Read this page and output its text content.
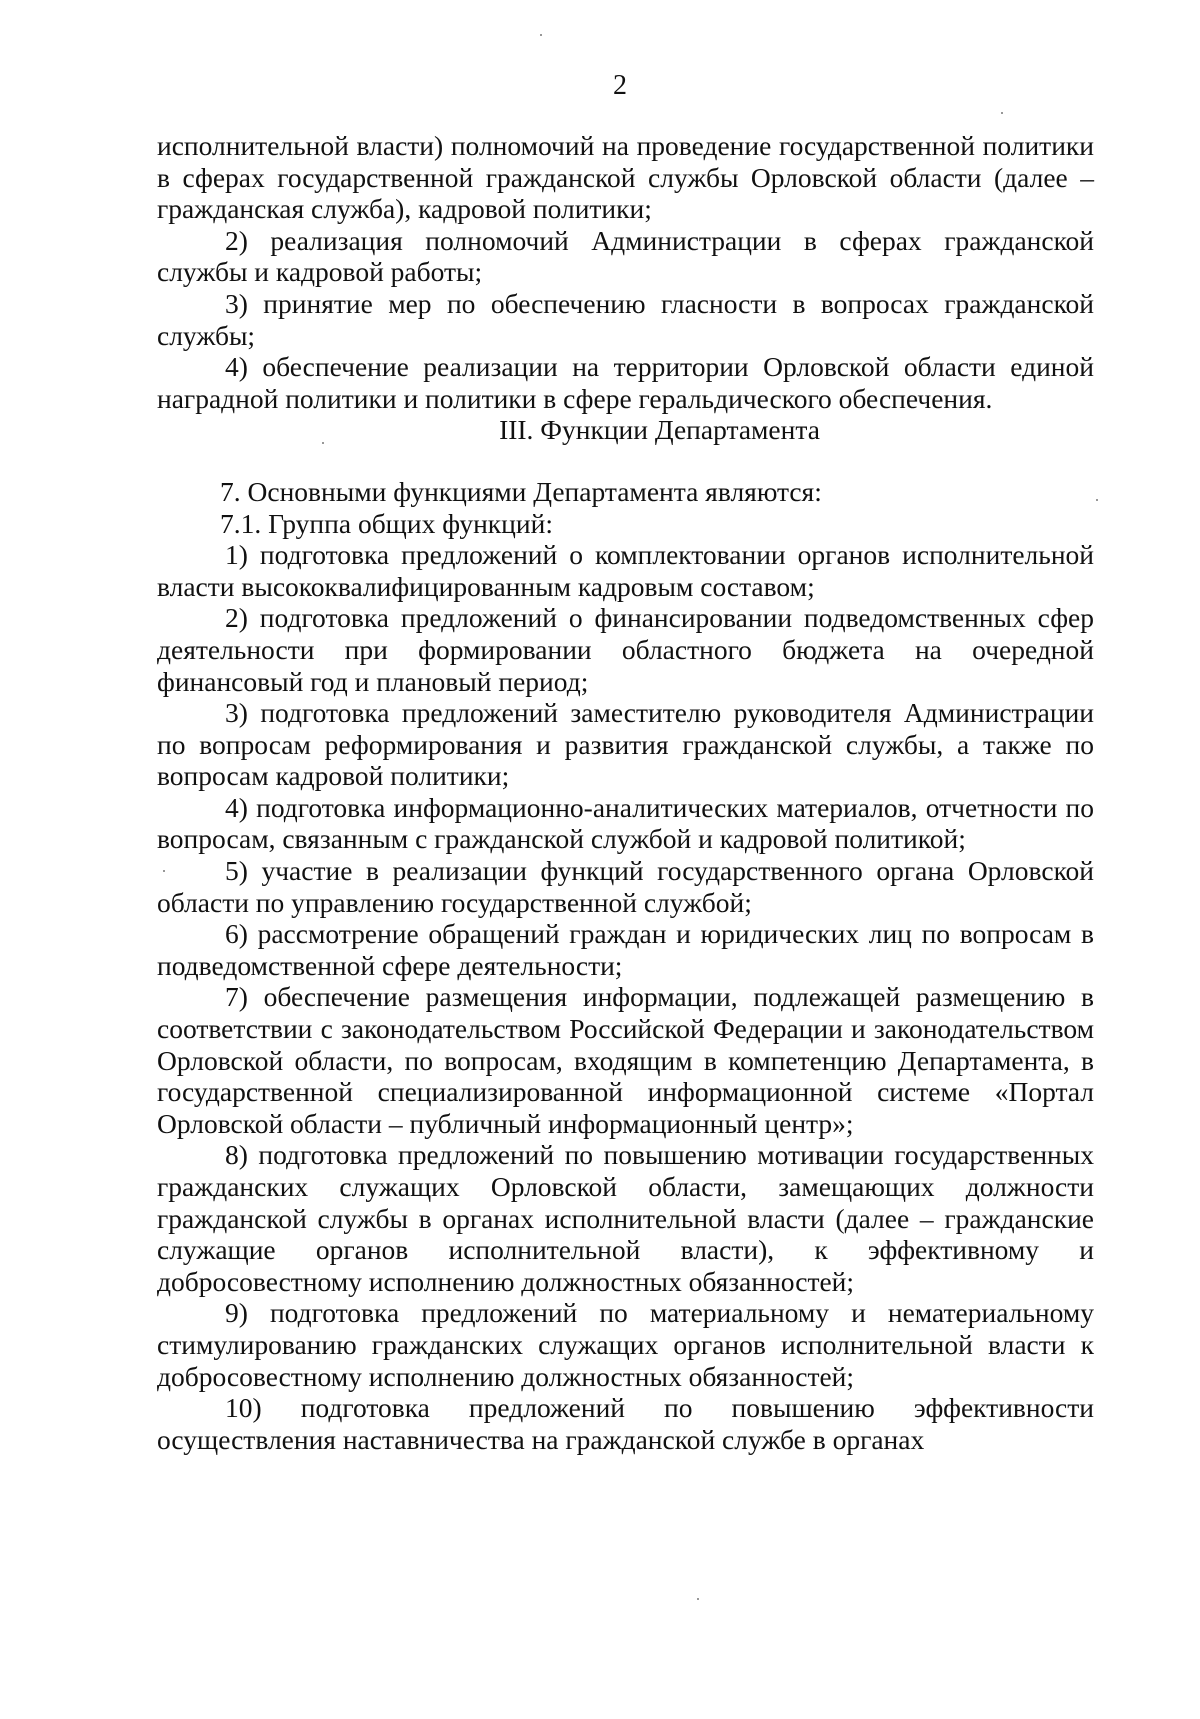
2

исполнительной власти) полномочий на проведение государственной политики в сферах государственной гражданской службы Орловской области (далее – гражданская служба), кадровой политики;

2) реализация полномочий Администрации в сферах гражданской службы и кадровой работы;

3) принятие мер по обеспечению гласности в вопросах гражданской службы;

4) обеспечение реализации на территории Орловской области единой наградной политики и политики в сфере геральдического обеспечения.

III. Функции Департамента

7. Основными функциями Департамента являются:

7.1. Группа общих функций:

1) подготовка предложений о комплектовании органов исполнительной власти высококвалифицированным кадровым составом;

2) подготовка предложений о финансировании подведомственных сфер деятельности при формировании областного бюджета на очередной финансовый год и плановый период;

3) подготовка предложений заместителю руководителя Администрации по вопросам реформирования и развития гражданской службы, а также по вопросам кадровой политики;

4) подготовка информационно-аналитических материалов, отчетности по вопросам, связанным с гражданской службой и кадровой политикой;

5) участие в реализации функций государственного органа Орловской области по управлению государственной службой;

6) рассмотрение обращений граждан и юридических лиц по вопросам в подведомственной сфере деятельности;

7) обеспечение размещения информации, подлежащей размещению в соответствии с законодательством Российской Федерации и законодательством Орловской области, по вопросам, входящим в компетенцию Департамента, в государственной специализированной информационной системе «Портал Орловской области – публичный информационный центр»;

8) подготовка предложений по повышению мотивации государственных гражданских служащих Орловской области, замещающих должности гражданской службы в органах исполнительной власти (далее – гражданские служащие органов исполнительной власти), к эффективному и добросовестному исполнению должностных обязанностей;

9) подготовка предложений по материальному и нематериальному стимулированию гражданских служащих органов исполнительной власти к добросовестному исполнению должностных обязанностей;

10) подготовка предложений по повышению эффективности осуществления наставничества на гражданской службе в органах
